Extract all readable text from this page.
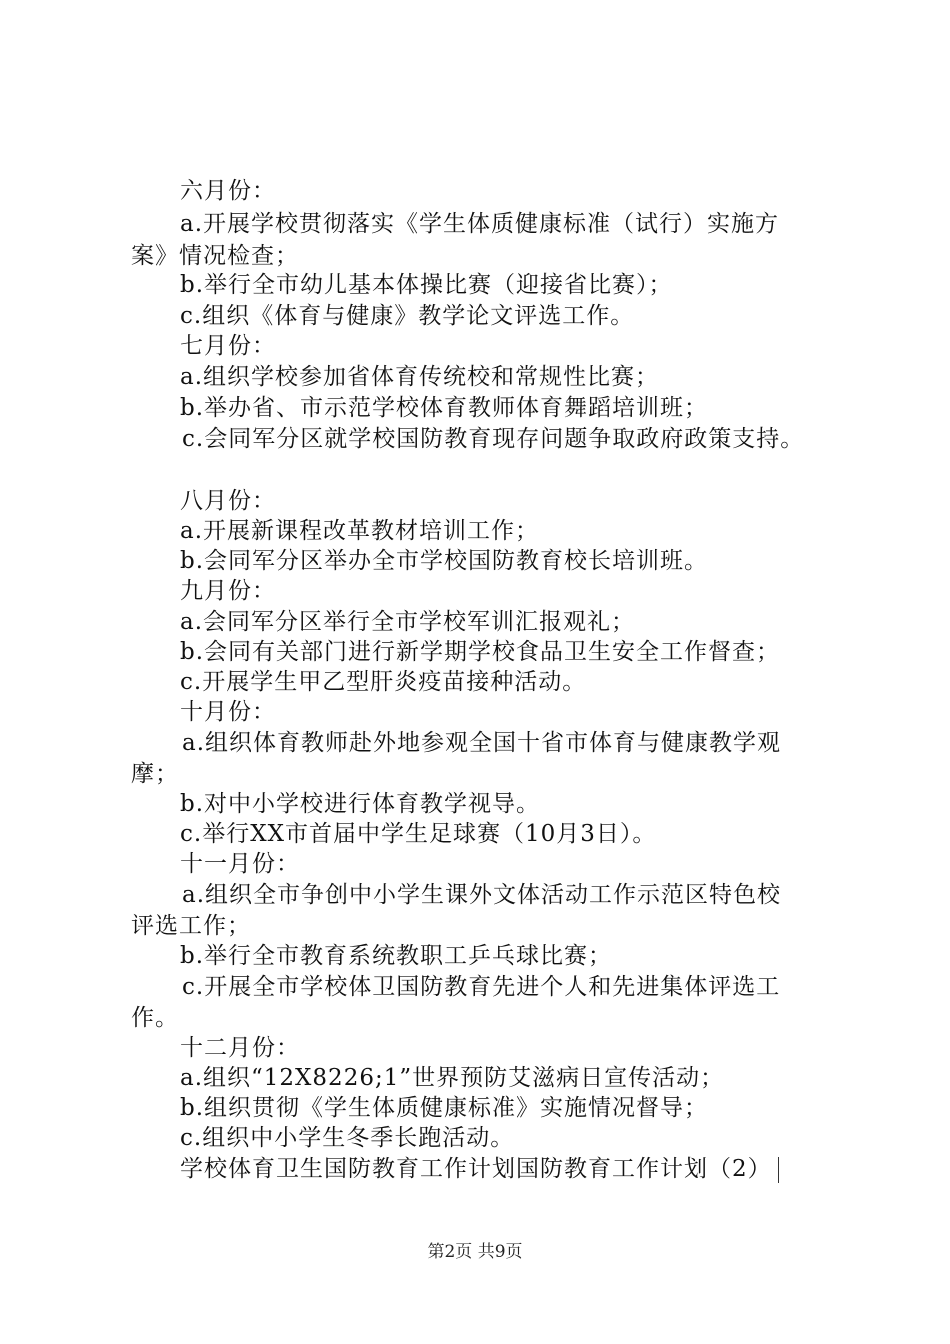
六月份：
a.开展学校贯彻落实《学生体质健康标准（试行）实施方
案》情况检查；
b.举行全市幼儿基本体操比赛（迎接省比赛）；
c.组织《体育与健康》教学论文评选工作。
七月份：
a.组织学校参加省体育传统校和常规性比赛；
b.举办省、市示范学校体育教师体育舞蹈培训班；
c.会同军分区就学校国防教育现存问题争取政府政策支持。
八月份：
a.开展新课程改革教材培训工作；
b.会同军分区举办全市学校国防教育校长培训班。
九月份：
a.会同军分区举行全市学校军训汇报观礼；
b.会同有关部门进行新学期学校食品卫生安全工作督查；
c.开展学生甲乙型肝炎疫苗接种活动。
十月份：
a.组织体育教师赴外地参观全国十省市体育与健康教学观
摩；
b.对中小学校进行体育教学视导。
c.举行XX市首届中学生足球赛（10月3日）。
十一月份：
a.组织全市争创中小学生课外文体活动工作示范区特色校
评选工作；
b.举行全市教育系统教职工乒乓球比赛；
c.开展全市学校体卫国防教育先进个人和先进集体评选工
作。
十二月份：
a.组织“12X8226;1”世界预防艾滋病日宣传活动；
b.组织贯彻《学生体质健康标准》实施情况督导；
c.组织中小学生冬季长跑活动。
学校体育卫生国防教育工作计划国防教育工作计划（2）
第2页 共9页
